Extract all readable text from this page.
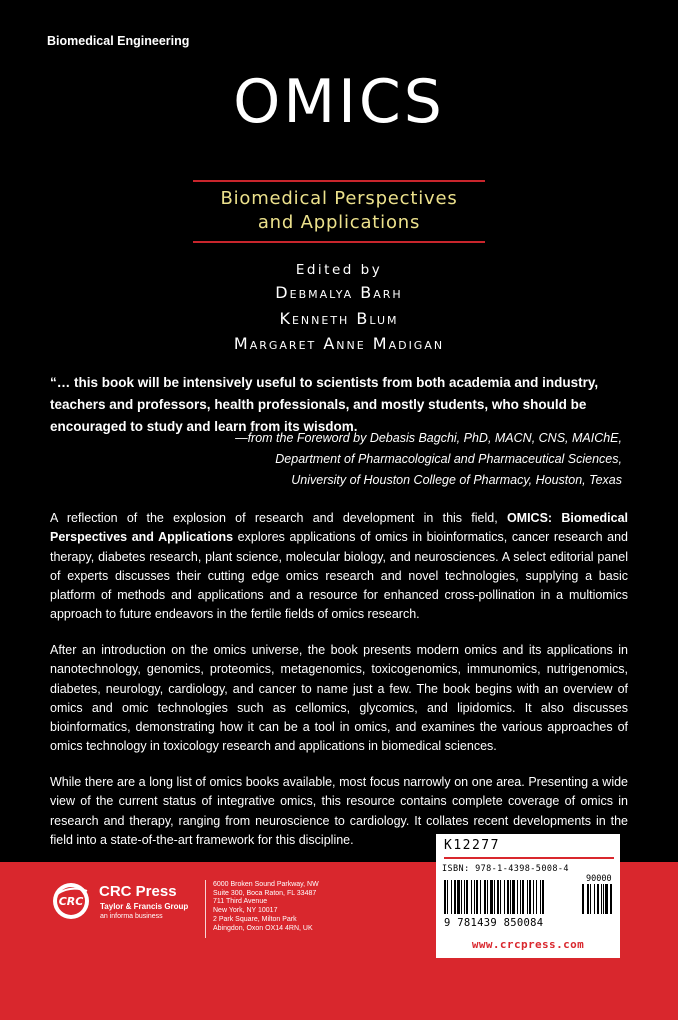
Biomedical Engineering
OMICS
Biomedical Perspectives
and Applications
Edited by
Debmalya Barh
Kenneth Blum
Margaret Anne Madigan
“… this book will be intensively useful to scientists from both academia and industry, teachers and professors, health professionals, and mostly students, who should be encouraged to study and learn from its wisdom.
—from the Foreword by Debasis Bagchi, PhD, MACN, CNS, MAIChE,
Department of Pharmacological and Pharmaceutical Sciences,
University of Houston College of Pharmacy, Houston, Texas
A reflection of the explosion of research and development in this field, OMICS: Biomedical Perspectives and Applications explores applications of omics in bioinformatics, cancer research and therapy, diabetes research, plant science, molecular biology, and neurosciences. A select editorial panel of experts discusses their cutting edge omics research and novel technologies, supplying a basic platform of methods and applications and a resource for enhanced cross-pollination in a multiomics approach to future endeavors in the fertile fields of omics research.
After an introduction on the omics universe, the book presents modern omics and its applications in nanotechnology, genomics, proteomics, metagenomics, toxicogenomics, immunomics, nutrigenomics, diabetes, neurology, cardiology, and cancer to name just a few. The book begins with an overview of omics and omic technologies such as cellomics, glycomics, and lipidomics. It also discusses bioinformatics, demonstrating how it can be a tool in omics, and examines the various approaches of omics technology in toxicology research and applications in biomedical sciences.
While there are a long list of omics books available, most focus narrowly on one area. Presenting a wide view of the current status of integrative omics, this resource contains complete coverage of omics in research and therapy, ranging from neuroscience to cardiology. It collates recent developments in the field into a state-of-the-art framework for this discipline.
CRC
CRC Press
Taylor & Francis Group
an informa business
6000 Broken Sound Parkway, NW
Suite 300, Boca Raton, FL 33487
711 Third Avenue
New York, NY 10017
2 Park Square, Milton Park
Abingdon, Oxon OX14 4RN, UK
K12277
ISBN: 978-1-4398-5008-4
90000
9 781439 850084
www.crcpress.com
